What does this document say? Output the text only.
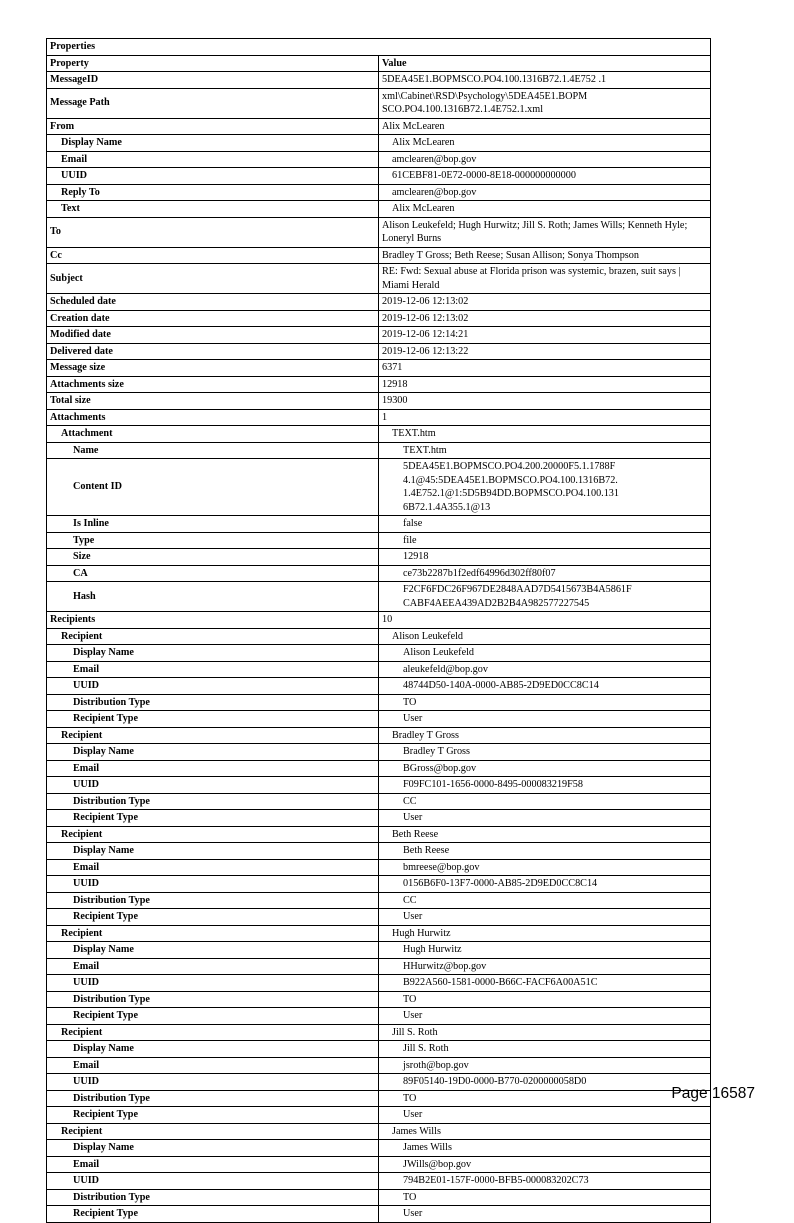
Properties	
Property	Value
MessageID	5DEA45E1.BOPMSCO.PO4.100.1316B72.1.4E752 .1
Message Path	xml\Cabinet\RSD\Psychology\5DEA45E1.BOPM SCO.PO4.100.1316B72.1.4E752.1.xml
From	Alix McLearen
Display Name	Alix McLearen
Email	amclearen@bop.gov
UUID	61CEBF81-0E72-0000-8E18-000000000000
Reply To	amclearen@bop.gov
Text	Alix McLearen
To	Alison Leukefeld; Hugh Hurwitz; Jill S. Roth; James Wills; Kenneth Hyle; Loneryl Burns
Cc	Bradley T Gross; Beth Reese; Susan Allison; Sonya Thompson
Subject	RE: Fwd: Sexual abuse at Florida prison was systemic, brazen, suit says | Miami Herald
Scheduled date	2019-12-06 12:13:02
Creation date	2019-12-06 12:13:02
Modified date	2019-12-06 12:14:21
Delivered date	2019-12-06 12:13:22
Message size	6371
Attachments size	12918
Total size	19300
Attachments	1
Attachment	TEXT.htm
Name	TEXT.htm
Content ID	5DEA45E1.BOPMSCO.PO4.200.20000F5.1.1788F 4.1@45:5DEA45E1.BOPMSCO.PO4.100.1316B72. 1.4E752.1@1:5D5B94DD.BOPMSCO.PO4.100.131 6B72.1.4A355.1@13
Is Inline	false
Type	file
Size	12918
CA	ce73b2287b1f2edf64996d302ff80f07
Hash	F2CF6FDC26F967DE2848AAD7D5415673B4A5861F CABF4AEEA439AD2B2B4A982577227545
Recipients	10
Recipient	Alison Leukefeld
Display Name	Alison Leukefeld
Email	aleukefeld@bop.gov
UUID	48744D50-140A-0000-AB85-2D9ED0CC8C14
Distribution Type	TO
Recipient Type	User
Recipient	Bradley T Gross
Display Name	Bradley T Gross
Email	BGross@bop.gov
UUID	F09FC101-1656-0000-8495-000083219F58
Distribution Type	CC
Recipient Type	User
Recipient	Beth Reese
Display Name	Beth Reese
Email	bmreese@bop.gov
UUID	0156B6F0-13F7-0000-AB85-2D9ED0CC8C14
Distribution Type	CC
Recipient Type	User
Recipient	Hugh Hurwitz
Display Name	Hugh Hurwitz
Email	HHurwitz@bop.gov
UUID	B922A560-1581-0000-B66C-FACF6A00A51C
Distribution Type	TO
Recipient Type	User
Recipient	Jill S. Roth
Display Name	Jill S. Roth
Email	jsroth@bop.gov
UUID	89F05140-19D0-0000-B770-0200000058D0
Distribution Type	TO
Recipient Type	User
Recipient	James Wills
Display Name	James Wills
Email	JWills@bop.gov
UUID	794B2E01-157F-0000-BFB5-000083202C73
Distribution Type	TO
Recipient Type	User
Page 16587
